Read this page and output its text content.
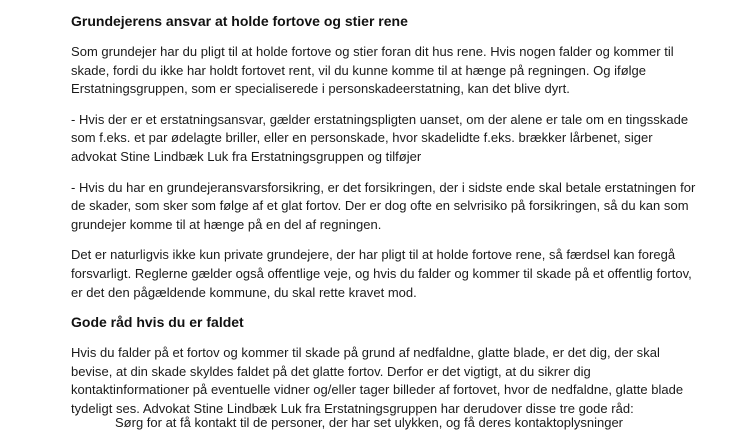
Grundejerens ansvar at holde fortove og stier rene

Som grundejer har du pligt til at holde fortove og stier foran dit hus rene. Hvis nogen falder og kommer til skade, fordi du ikke har holdt fortovet rent, vil du kunne komme til at hænge på regningen. Og ifølge Erstatningsgruppen, som er specialiserede i personskadeerstatning, kan det blive dyrt.

- Hvis der er et erstatningsansvar, gælder erstatningspligten uanset, om der alene er tale om en tingsskade som f.eks. et par ødelagte briller, eller en personskade, hvor skadelidte f.eks. brækker lårbenet, siger advokat Stine Lindbæk Luk fra Erstatningsgruppen og tilføjer

- Hvis du har en grundejeransvarsforsikring, er det forsikringen, der i sidste ende skal betale erstatningen for de skader, som sker som følge af et glat fortov. Der er dog ofte en selvrisiko på forsikringen, så du kan som grundejer komme til at hænge på en del af regningen.

Det er naturligvis ikke kun private grundejere, der har pligt til at holde fortove rene, så færdsel kan foregå forsvarligt. Reglerne gælder også offentlige veje, og hvis du falder og kommer til skade på et offentlig fortov, er det den pågældende kommune, du skal rette kravet mod.

Gode råd hvis du er faldet

Hvis du falder på et fortov og kommer til skade på grund af nedfaldne, glatte blade, er det dig, der skal bevise, at din skade skyldes faldet på det glatte fortov. Derfor er det vigtigt, at du sikrer dig kontaktinformationer på eventuelle vidner og/eller tager billeder af fortovet, hvor de nedfaldne, glatte blade tydeligt ses. Advokat Stine Lindbæk Luk fra Erstatningsgruppen har derudover disse tre gode råd:

Sørg for at få kontakt til de personer, der har set ulykken, og få deres kontaktoplysninger
